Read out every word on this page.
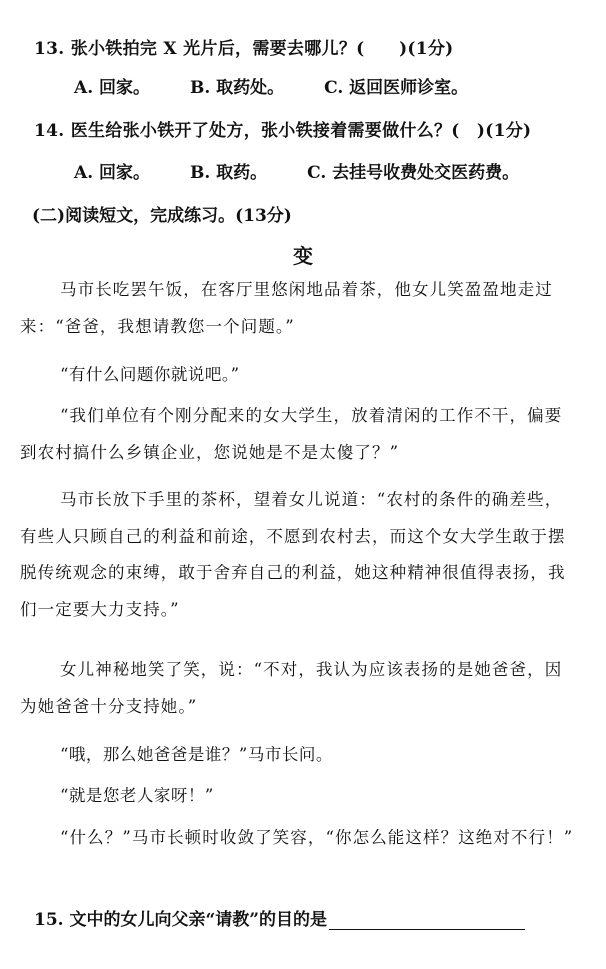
13. 张小铁拍完 X 光片后，需要去哪儿？(　　)(1分)
A. 回家。 B. 取药处。 C. 返回医师诊室。
14. 医生给张小铁开了处方，张小铁接着需要做什么？(　)(1分)
A. 回家。 B. 取药。 C. 去挂号收费处交医药费。
(二)阅读短文，完成练习。(13分)
变
马市长吃罢午饭，在客厅里悠闲地品着茶，他女儿笑盈盈地走过来：“爸爸，我想请教您一个问题。”
“有什么问题你就说吧。”
“我们单位有个刚分配来的女大学生，放着清闲的工作不干，偏要到农村搞什么乡镇企业，您说她是不是太傻了？”
马市长放下手里的茶杯，望着女儿说道：“农村的条件的确差些，有些人只顾自己的利益和前途，不愿到农村去，而这个女大学生敢于摆脱传统观念的束缚，敢于舍弃自己的利益，她这种精神很值得表扬，我们一定要大力支持。”
女儿神秘地笑了笑，说：“不对，我认为应该表扬的是她爸爸，因为她爸爸十分支持她。”
“哦，那么她爸爸是谁？”马市长问。
“就是您老人家呀！”
“什么？”马市长顿时收敛了笑容，“你怎么能这样？这绝对不行！”
15. 文中的女儿向父亲“请教”的目的是
